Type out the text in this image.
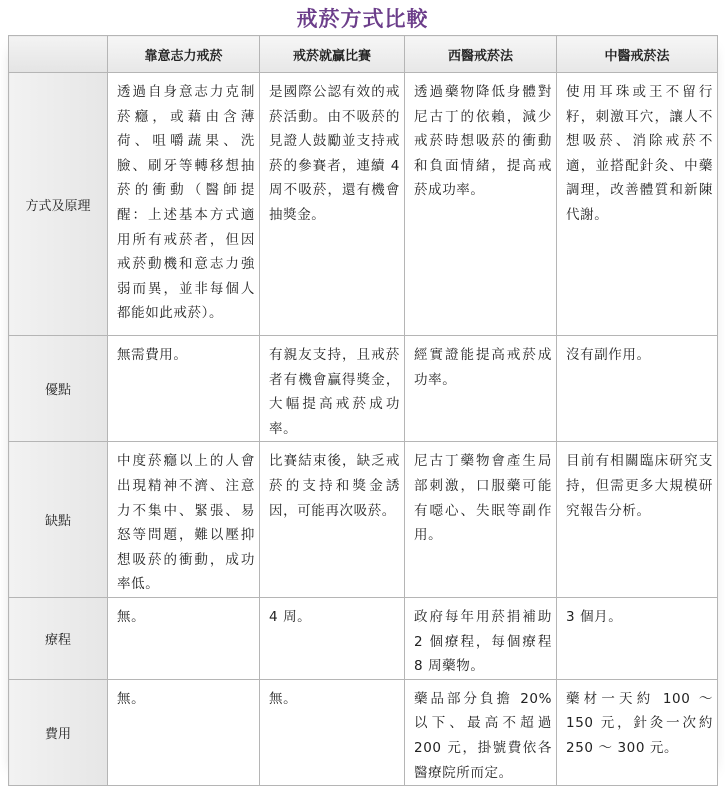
戒菸方式比較
	靠意志力戒菸	戒菸就贏比賽	西醫戒菸法	中醫戒菸法
方式及原理	透過自身意志力克制菸癮，或藉由含薄荷、咀嚼蔬果、洗臉、刷牙等轉移想抽菸的衝動（醫師提醒：上述基本方式適用所有戒菸者，但因戒菸動機和意志力強弱而異，並非每個人都能如此戒菸）。	是國際公認有效的戒菸活動。由不吸菸的見證人鼓勵並支持戒菸的參賽者，連續 4 周不吸菸，還有機會抽獎金。	透過藥物降低身體對尼古丁的依賴，減少戒菸時想吸菸的衝動和負面情緒，提高戒菸成功率。	使用耳珠或王不留行籽，刺激耳穴，讓人不想吸菸、消除戒菸不適，並搭配針灸、中藥調理，改善體質和新陳代謝。
優點	無需費用。	有親友支持，且戒菸者有機會贏得獎金，大幅提高戒菸成功率。	經實證能提高戒菸成功率。	沒有副作用。
缺點	中度菸癮以上的人會出現精神不濟、注意力不集中、緊張、易怒等問題，難以壓抑想吸菸的衝動，成功率低。	比賽結束後，缺乏戒菸的支持和獎金誘因，可能再次吸菸。	尼古丁藥物會產生局部刺激，口服藥可能有噁心、失眠等副作用。	目前有相關臨床研究支持，但需更多大規模研究報告分析。
療程	無。	4 周。	政府每年用菸捐補助 2 個療程，每個療程 8 周藥物。	3 個月。
費用	無。	無。	藥品部分負擔 20% 以下、最高不超過 200 元，掛號費依各醫療院所而定。	藥材一天約 100 ～ 150 元，針灸一次約 250 ～ 300 元。
